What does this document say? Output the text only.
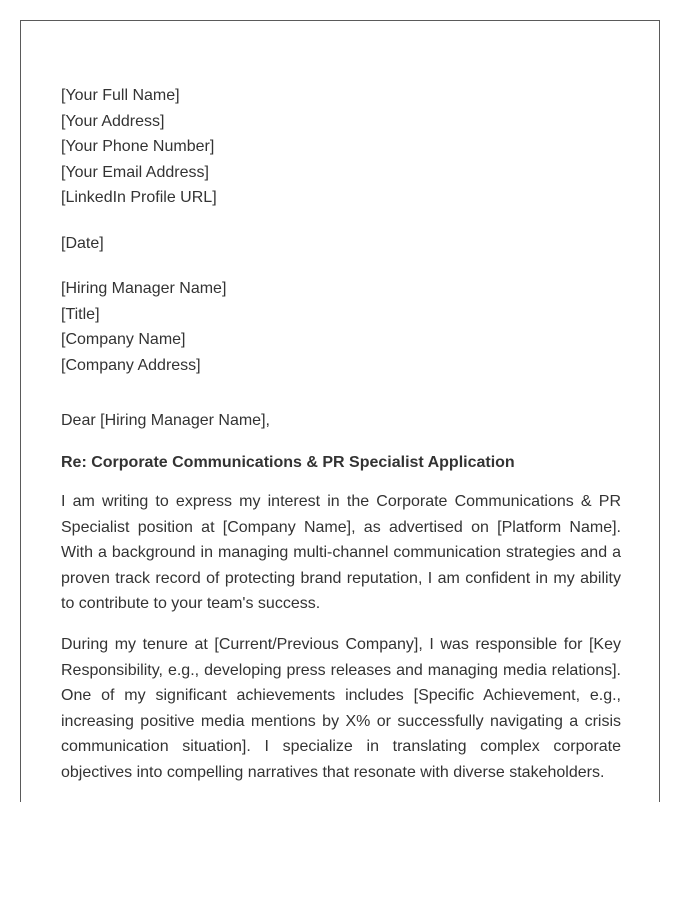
[Your Full Name]
[Your Address]
[Your Phone Number]
[Your Email Address]
[LinkedIn Profile URL]
[Date]
[Hiring Manager Name]
[Title]
[Company Name]
[Company Address]
Dear [Hiring Manager Name],
Re: Corporate Communications & PR Specialist Application
I am writing to express my interest in the Corporate Communications & PR Specialist position at [Company Name], as advertised on [Platform Name]. With a background in managing multi-channel communication strategies and a proven track record of protecting brand reputation, I am confident in my ability to contribute to your team's success.
During my tenure at [Current/Previous Company], I was responsible for [Key Responsibility, e.g., developing press releases and managing media relations]. One of my significant achievements includes [Specific Achievement, e.g., increasing positive media mentions by X% or successfully navigating a crisis communication situation]. I specialize in translating complex corporate objectives into compelling narratives that resonate with diverse stakeholders.
